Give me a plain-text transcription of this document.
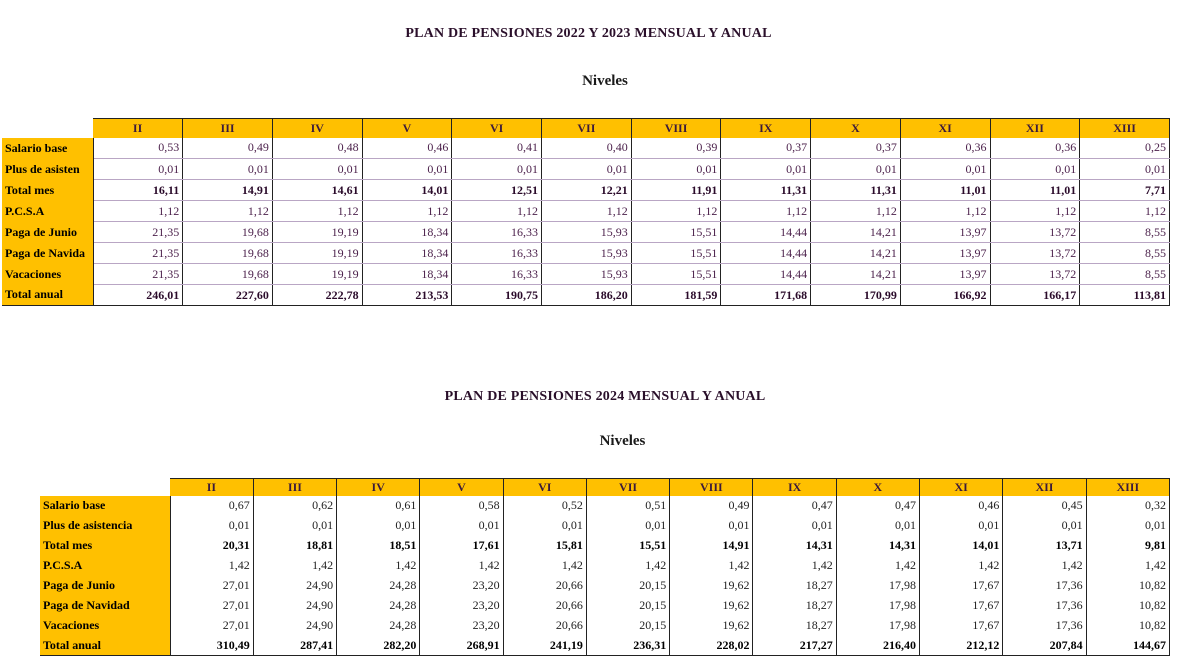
PLAN DE PENSIONES 2022 Y 2023 MENSUAL Y ANUAL
Niveles
	II	III	IV	V	VI	VII	VIII	IX	X	XI	XII	XIII
Salario base	0,53	0,49	0,48	0,46	0,41	0,40	0,39	0,37	0,37	0,36	0,36	0,25
Plus de asisten	0,01	0,01	0,01	0,01	0,01	0,01	0,01	0,01	0,01	0,01	0,01	0,01
Total mes	16,11	14,91	14,61	14,01	12,51	12,21	11,91	11,31	11,31	11,01	11,01	7,71
P.C.S.A	1,12	1,12	1,12	1,12	1,12	1,12	1,12	1,12	1,12	1,12	1,12	1,12
Paga de Junio	21,35	19,68	19,19	18,34	16,33	15,93	15,51	14,44	14,21	13,97	13,72	8,55
Paga de Navida	21,35	19,68	19,19	18,34	16,33	15,93	15,51	14,44	14,21	13,97	13,72	8,55
Vacaciones	21,35	19,68	19,19	18,34	16,33	15,93	15,51	14,44	14,21	13,97	13,72	8,55
Total anual	246,01	227,60	222,78	213,53	190,75	186,20	181,59	171,68	170,99	166,92	166,17	113,81
PLAN DE PENSIONES 2024 MENSUAL Y ANUAL
Niveles
	II	III	IV	V	VI	VII	VIII	IX	X	XI	XII	XIII
Salario base	0,67	0,62	0,61	0,58	0,52	0,51	0,49	0,47	0,47	0,46	0,45	0,32
Plus de asistencia	0,01	0,01	0,01	0,01	0,01	0,01	0,01	0,01	0,01	0,01	0,01	0,01
Total mes	20,31	18,81	18,51	17,61	15,81	15,51	14,91	14,31	14,31	14,01	13,71	9,81
P.C.S.A	1,42	1,42	1,42	1,42	1,42	1,42	1,42	1,42	1,42	1,42	1,42	1,42
Paga de Junio	27,01	24,90	24,28	23,20	20,66	20,15	19,62	18,27	17,98	17,67	17,36	10,82
Paga de Navidad	27,01	24,90	24,28	23,20	20,66	20,15	19,62	18,27	17,98	17,67	17,36	10,82
Vacaciones	27,01	24,90	24,28	23,20	20,66	20,15	19,62	18,27	17,98	17,67	17,36	10,82
Total anual	310,49	287,41	282,20	268,91	241,19	236,31	228,02	217,27	216,40	212,12	207,84	144,67
